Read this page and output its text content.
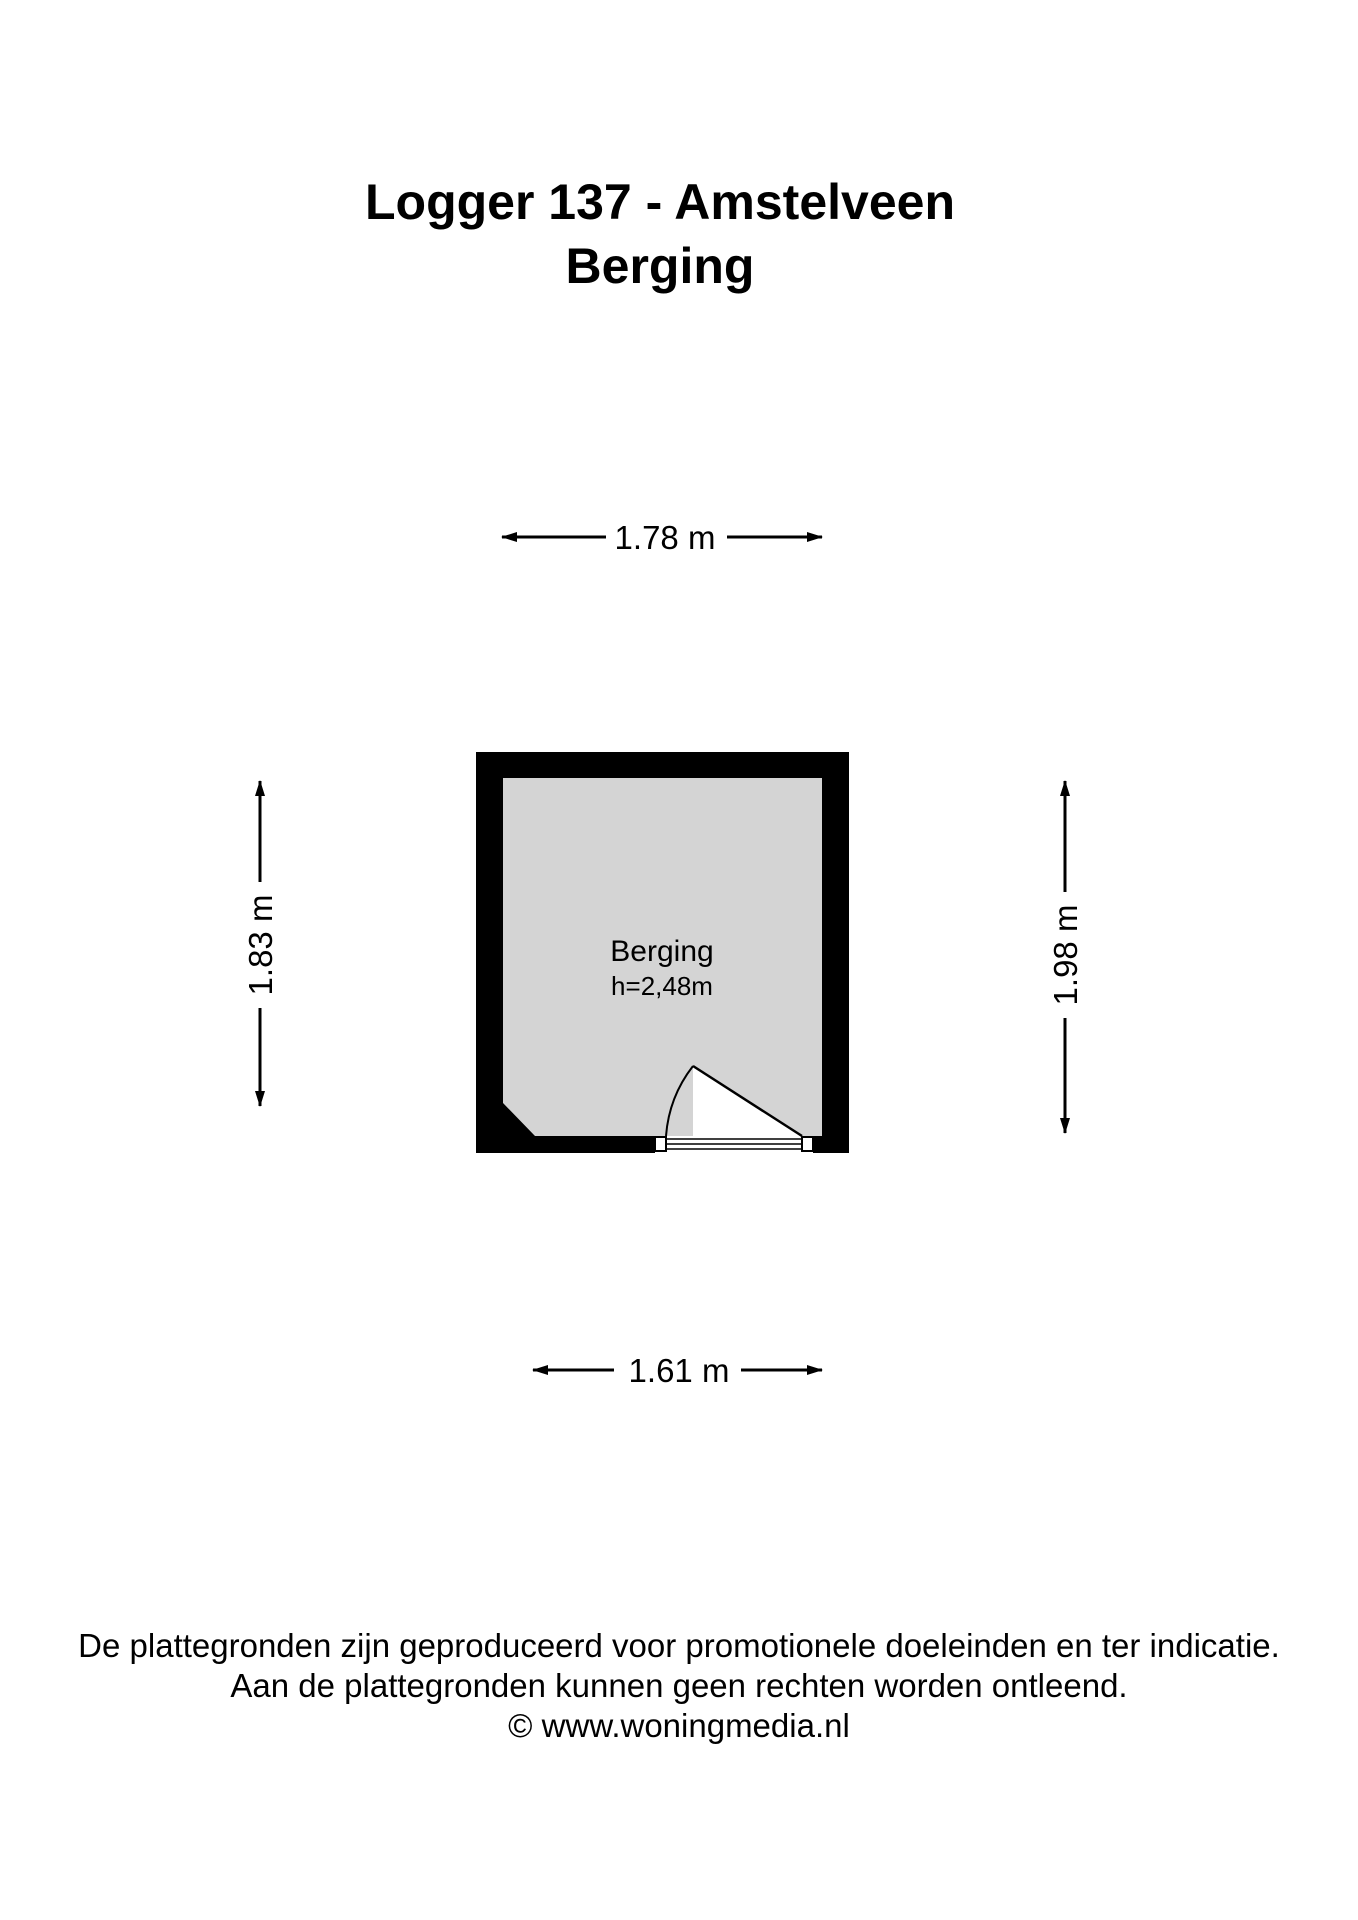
Logger 137 - Amstelveen
Berging
1.78 m
1.61 m
1.83 m	1.98 m
Berging
h=2,48m
De plattegronden zijn geproduceerd voor promotionele doeleinden en ter indicatie.
Aan de plattegronden kunnen geen rechten worden ontleend.
© www.woningmedia.nl
